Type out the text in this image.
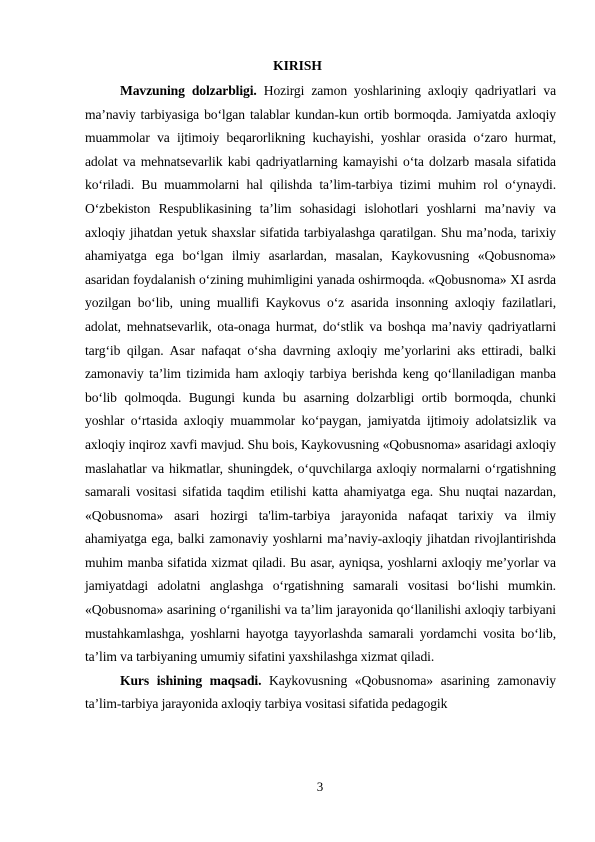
KIRISH

Mavzuning dolzarbligi. Hozirgi zamon yoshlarining axloqiy qadriyatlari va ma’naviy tarbiyasiga bo‘lgan talablar kundan-kun ortib bormoqda. Jamiyatda axloqiy muammolar va ijtimoiy beqarorlikning kuchayishi, yoshlar orasida o‘zaro hurmat, adolat va mehnatsevarlik kabi qadriyatlarning kamayishi o‘ta dolzarb masala sifatida ko‘riladi. Bu muammolarni hal qilishda ta’lim-tarbiya tizimi muhim rol o‘ynaydi. O‘zbekiston Respublikasining ta’lim sohasidagi islohotlari yoshlarni ma’naviy va axloqiy jihatdan yetuk shaxslar sifatida tarbiyalashga qaratilgan. Shu ma’noda, tarixiy ahamiyatga ega bo‘lgan ilmiy asarlardan, masalan, Kaykovusning «Qobusnoma» asaridan foydalanish o‘zining muhimligini yanada oshirmoqda. «Qobusnoma» XI asrda yozilgan bo‘lib, uning muallifi Kaykovus o‘z asarida insonning axloqiy fazilatlari, adolat, mehnatsevarlik, ota-onaga hurmat, do‘stlik va boshqa ma’naviy qadriyatlarni targ‘ib qilgan. Asar nafaqat o‘sha davrning axloqiy me’yorlarini aks ettiradi, balki zamonaviy ta’lim tizimida ham axloqiy tarbiya berishda keng qo‘llaniladigan manba bo‘lib qolmoqda. Bugungi kunda bu asarning dolzarbligi ortib bormoqda, chunki yoshlar o‘rtasida axloqiy muammolar ko‘paygan, jamiyatda ijtimoiy adolatsizlik va axloqiy inqiroz xavfi mavjud. Shu bois, Kaykovusning «Qobusnoma» asaridagi axloqiy maslahatlar va hikmatlar, shuningdek, o‘quvchilarga axloqiy normalarni o‘rgatishning samarali vositasi sifatida taqdim etilishi katta ahamiyatga ega. Shu nuqtai nazardan, «Qobusnoma» asari hozirgi ta'lim-tarbiya jarayonida nafaqat tarixiy va ilmiy ahamiyatga ega, balki zamonaviy yoshlarni ma’naviy-axloqiy jihatdan rivojlantirishda muhim manba sifatida xizmat qiladi. Bu asar, ayniqsa, yoshlarni axloqiy me’yorlar va jamiyatdagi adolatni anglashga o‘rgatishning samarali vositasi bo‘lishi mumkin. «Qobusnoma» asarining o‘rganilishi va ta’lim jarayonida qo‘llanilishi axloqiy tarbiyani mustahkamlashga, yoshlarni hayotga tayyorlashda samarali yordamchi vosita bo‘lib, ta’lim va tarbiyaning umumiy sifatini yaxshilashga xizmat qiladi.

Kurs ishining maqsadi. Kaykovusning «Qobusnoma» asarining zamonaviy ta’lim-tarbiya jarayonida axloqiy tarbiya vositasi sifatida pedagogik

3
